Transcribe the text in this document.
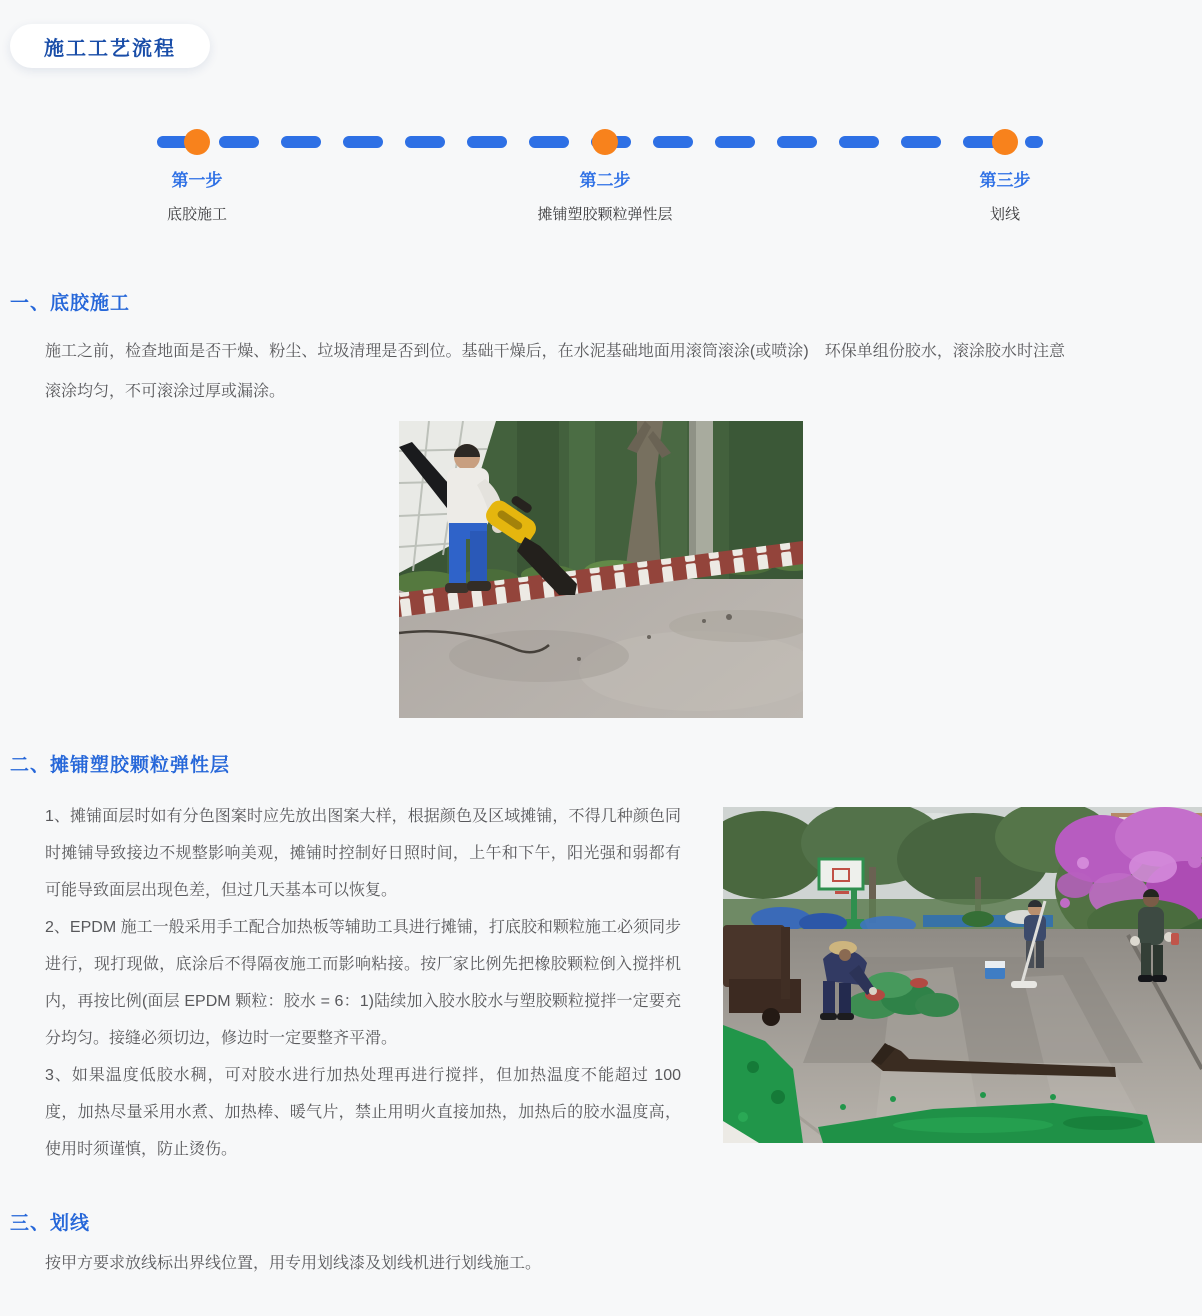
施工工艺流程
第一步
底胶施工
第二步
摊铺塑胶颗粒弹性层
第三步
划线
一、底胶施工

施工之前，检查地面是否干燥、粉尘、垃圾清理是否到位。基础干燥后，在水泥基础地面用滚筒滚涂(或喷涂)　环保单组份胶水，滚涂胶水时注意滚涂均匀，不可滚涂过厚或漏涂。

二、摊铺塑胶颗粒弹性层

1、摊铺面层时如有分色图案时应先放出图案大样，根据颜色及区域摊铺，不得几种颜色同时摊铺导致接边不规整影响美观，摊铺时控制好日照时间，上午和下午，阳光强和弱都有可能导致面层出现色差，但过几天基本可以恢复。

2、EPDM 施工一般采用手工配合加热板等辅助工具进行摊铺，打底胶和颗粒施工必须同步进行，现打现做，底涂后不得隔夜施工而影响粘接。按厂家比例先把橡胶颗粒倒入搅拌机内，再按比例(面层 EPDM 颗粒：胶水 = 6：1)陆续加入胶水胶水与塑胶颗粒搅拌一定要充分均匀。接缝必须切边，修边时一定要整齐平滑。

3、如果温度低胶水稠，可对胶水进行加热处理再进行搅拌，但加热温度不能超过 100 度，加热尽量采用水煮、加热棒、暖气片，禁止用明火直接加热，加热后的胶水温度高，使用时须谨慎，防止烫伤。

三、划线

按甲方要求放线标出界线位置，用专用划线漆及划线机进行划线施工。
